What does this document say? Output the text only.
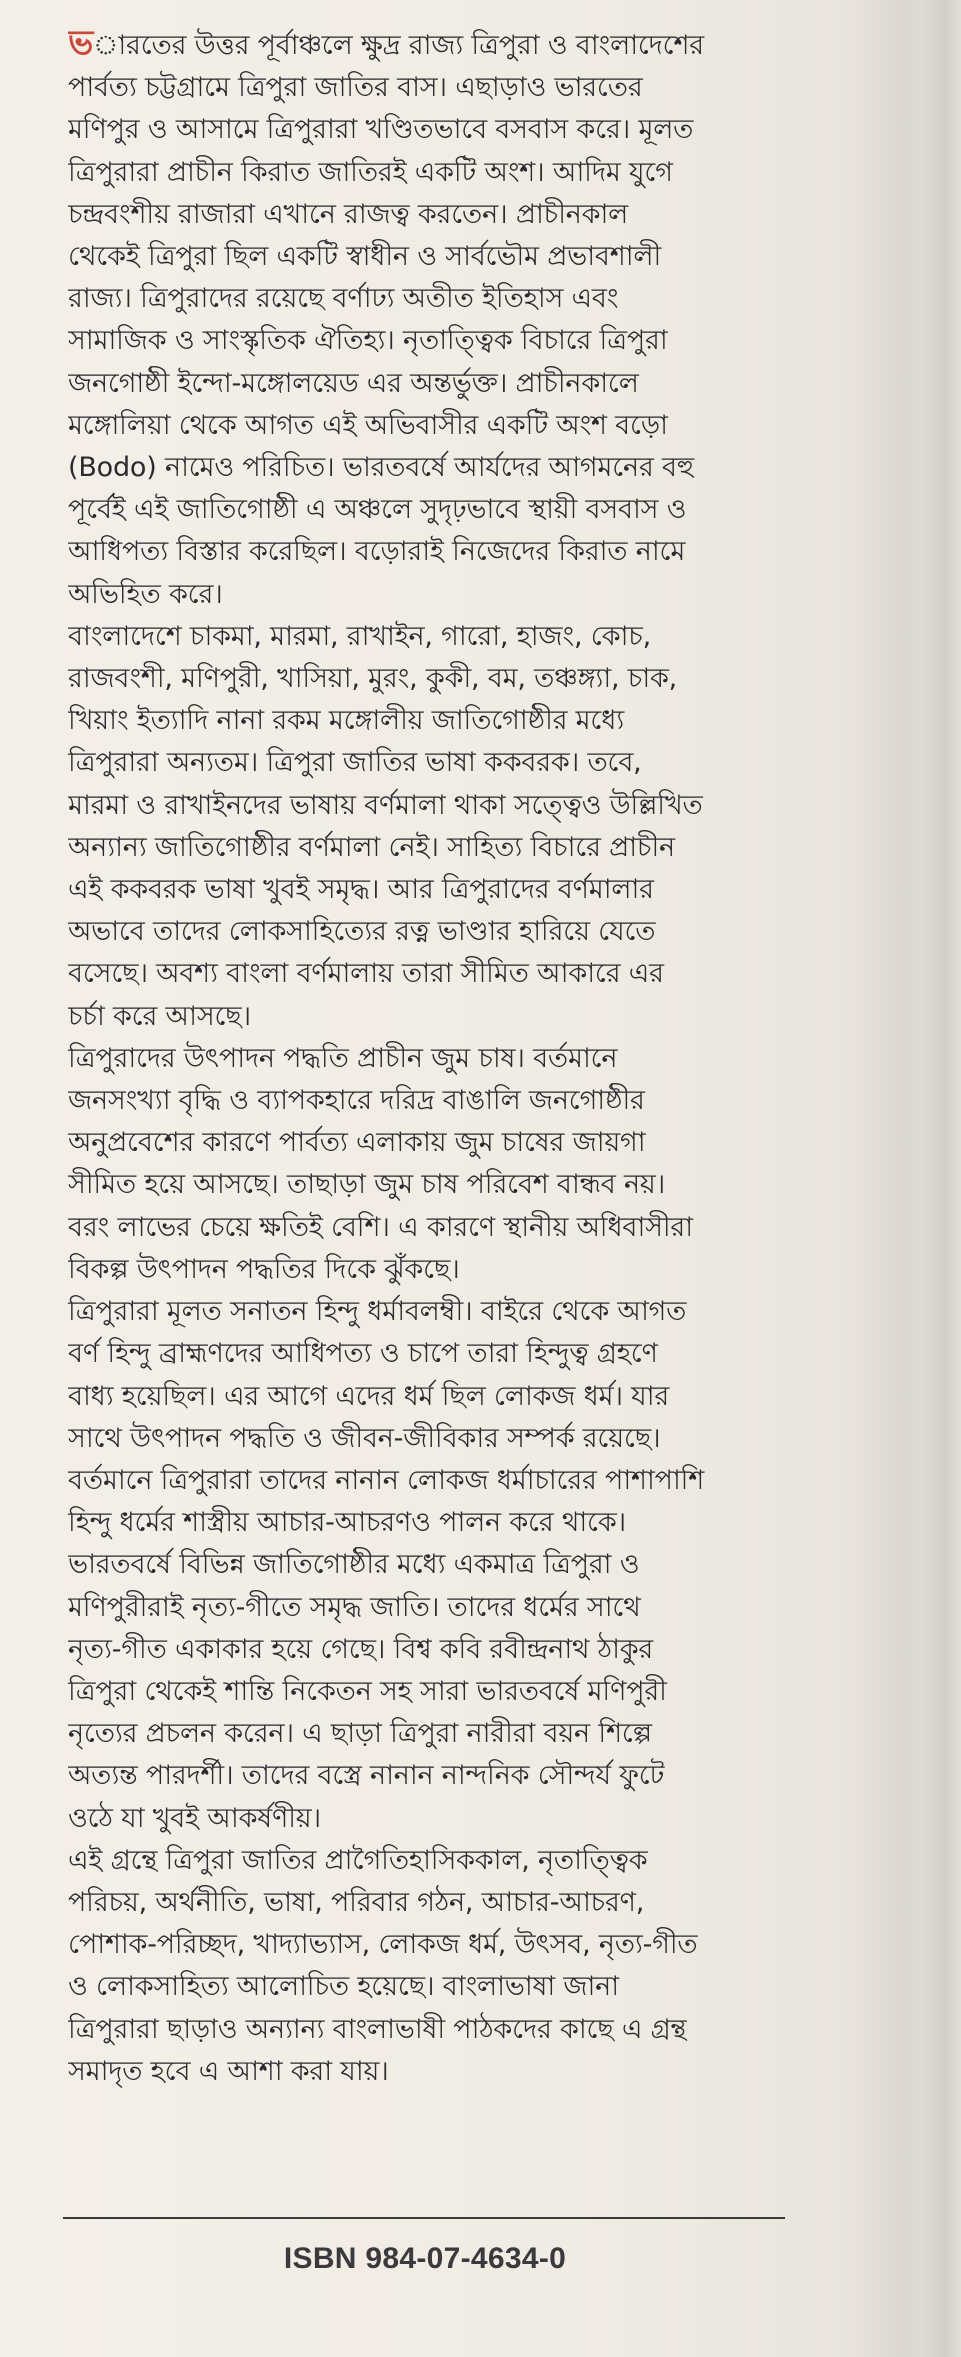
ভারতের উত্তর পূর্বাঞ্চলে ক্ষুদ্র রাজ্য ত্রিপুরা ও বাংলাদেশের
পার্বত্য চট্টগ্রামে ত্রিপুরা জাতির বাস। এছাড়াও ভারতের
মণিপুর ও আসামে ত্রিপুরারা খণ্ডিতভাবে বসবাস করে। মূলত
ত্রিপুরারা প্রাচীন কিরাত জাতিরই একটি অংশ। আদিম যুগে
চন্দ্রবংশীয় রাজারা এখানে রাজত্ব করতেন। প্রাচীনকাল
থেকেই ত্রিপুরা ছিল একটি স্বাধীন ও সার্বভৌম প্রভাবশালী
রাজ্য। ত্রিপুরাদের রয়েছে বর্ণাঢ্য অতীত ইতিহাস এবং
সামাজিক ও সাংস্কৃতিক ঐতিহ্য। নৃতাত্ত্বিক বিচারে ত্রিপুরা
জনগোষ্ঠী ইন্দো-মঙ্গোলয়েড এর অন্তর্ভুক্ত। প্রাচীনকালে
মঙ্গোলিয়া থেকে আগত এই অভিবাসীর একটি অংশ বড়ো
(Bodo) নামেও পরিচিত। ভারতবর্ষে আর্যদের আগমনের বহু
পূর্বেই এই জাতিগোষ্ঠী এ অঞ্চলে সুদৃঢ়ভাবে স্থায়ী বসবাস ও
আধিপত্য বিস্তার করেছিল। বড়োরাই নিজেদের কিরাত নামে
অভিহিত করে।
বাংলাদেশে চাকমা, মারমা, রাখাইন, গারো, হাজং, কোচ,
রাজবংশী, মণিপুরী, খাসিয়া, মুরং, কুকী, বম, তঞ্চঙ্গ্যা, চাক,
খিয়াং ইত্যাদি নানা রকম মঙ্গোলীয় জাতিগোষ্ঠীর মধ্যে
ত্রিপুরারা অন্যতম। ত্রিপুরা জাতির ভাষা ককবরক। তবে,
মারমা ও রাখাইনদের ভাষায় বর্ণমালা থাকা সত্ত্বেও উল্লিখিত
অন্যান্য জাতিগোষ্ঠীর বর্ণমালা নেই। সাহিত্য বিচারে প্রাচীন
এই ককবরক ভাষা খুবই সমৃদ্ধ। আর ত্রিপুরাদের বর্ণমালার
অভাবে তাদের লোকসাহিত্যের রত্ন ভাণ্ডার হারিয়ে যেতে
বসেছে। অবশ্য বাংলা বর্ণমালায় তারা সীমিত আকারে এর
চর্চা করে আসছে।
ত্রিপুরাদের উৎপাদন পদ্ধতি প্রাচীন জুম চাষ। বর্তমানে
জনসংখ্যা বৃদ্ধি ও ব্যাপকহারে দরিদ্র বাঙালি জনগোষ্ঠীর
অনুপ্রবেশের কারণে পার্বত্য এলাকায় জুম চাষের জায়গা
সীমিত হয়ে আসছে। তাছাড়া জুম চাষ পরিবেশ বান্ধব নয়।
বরং লাভের চেয়ে ক্ষতিই বেশি। এ কারণে স্থানীয় অধিবাসীরা
বিকল্প উৎপাদন পদ্ধতির দিকে ঝুঁকছে।
ত্রিপুরারা মূলত সনাতন হিন্দু ধর্মাবলম্বী। বাইরে থেকে আগত
বর্ণ হিন্দু ব্রাহ্মণদের আধিপত্য ও চাপে তারা হিন্দুত্ব গ্রহণে
বাধ্য হয়েছিল। এর আগে এদের ধর্ম ছিল লোকজ ধর্ম। যার
সাথে উৎপাদন পদ্ধতি ও জীবন-জীবিকার সম্পর্ক রয়েছে।
বর্তমানে ত্রিপুরারা তাদের নানান লোকজ ধর্মাচারের পাশাপাশি
হিন্দু ধর্মের শাস্ত্রীয় আচার-আচরণও পালন করে থাকে।
ভারতবর্ষে বিভিন্ন জাতিগোষ্ঠীর মধ্যে একমাত্র ত্রিপুরা ও
মণিপুরীরাই নৃত্য-গীতে সমৃদ্ধ জাতি। তাদের ধর্মের সাথে
নৃত্য-গীত একাকার হয়ে গেছে। বিশ্ব কবি রবীন্দ্রনাথ ঠাকুর
ত্রিপুরা থেকেই শান্তি নিকেতন সহ সারা ভারতবর্ষে মণিপুরী
নৃত্যের প্রচলন করেন। এ ছাড়া ত্রিপুরা নারীরা বয়ন শিল্পে
অত্যন্ত পারদর্শী। তাদের বস্ত্রে নানান নান্দনিক সৌন্দর্য ফুটে
ওঠে যা খুবই আকর্ষণীয়।
এই গ্রন্থে ত্রিপুরা জাতির প্রাগৈতিহাসিককাল, নৃতাত্ত্বিক
পরিচয়, অর্থনীতি, ভাষা, পরিবার গঠন, আচার-আচরণ,
পোশাক-পরিচ্ছদ, খাদ্যাভ্যাস, লোকজ ধর্ম, উৎসব, নৃত্য-গীত
ও লোকসাহিত্য আলোচিত হয়েছে। বাংলাভাষা জানা
ত্রিপুরারা ছাড়াও অন্যান্য বাংলাভাষী পাঠকদের কাছে এ গ্রন্থ
সমাদৃত হবে এ আশা করা যায়।
ISBN 984-07-4634-0
